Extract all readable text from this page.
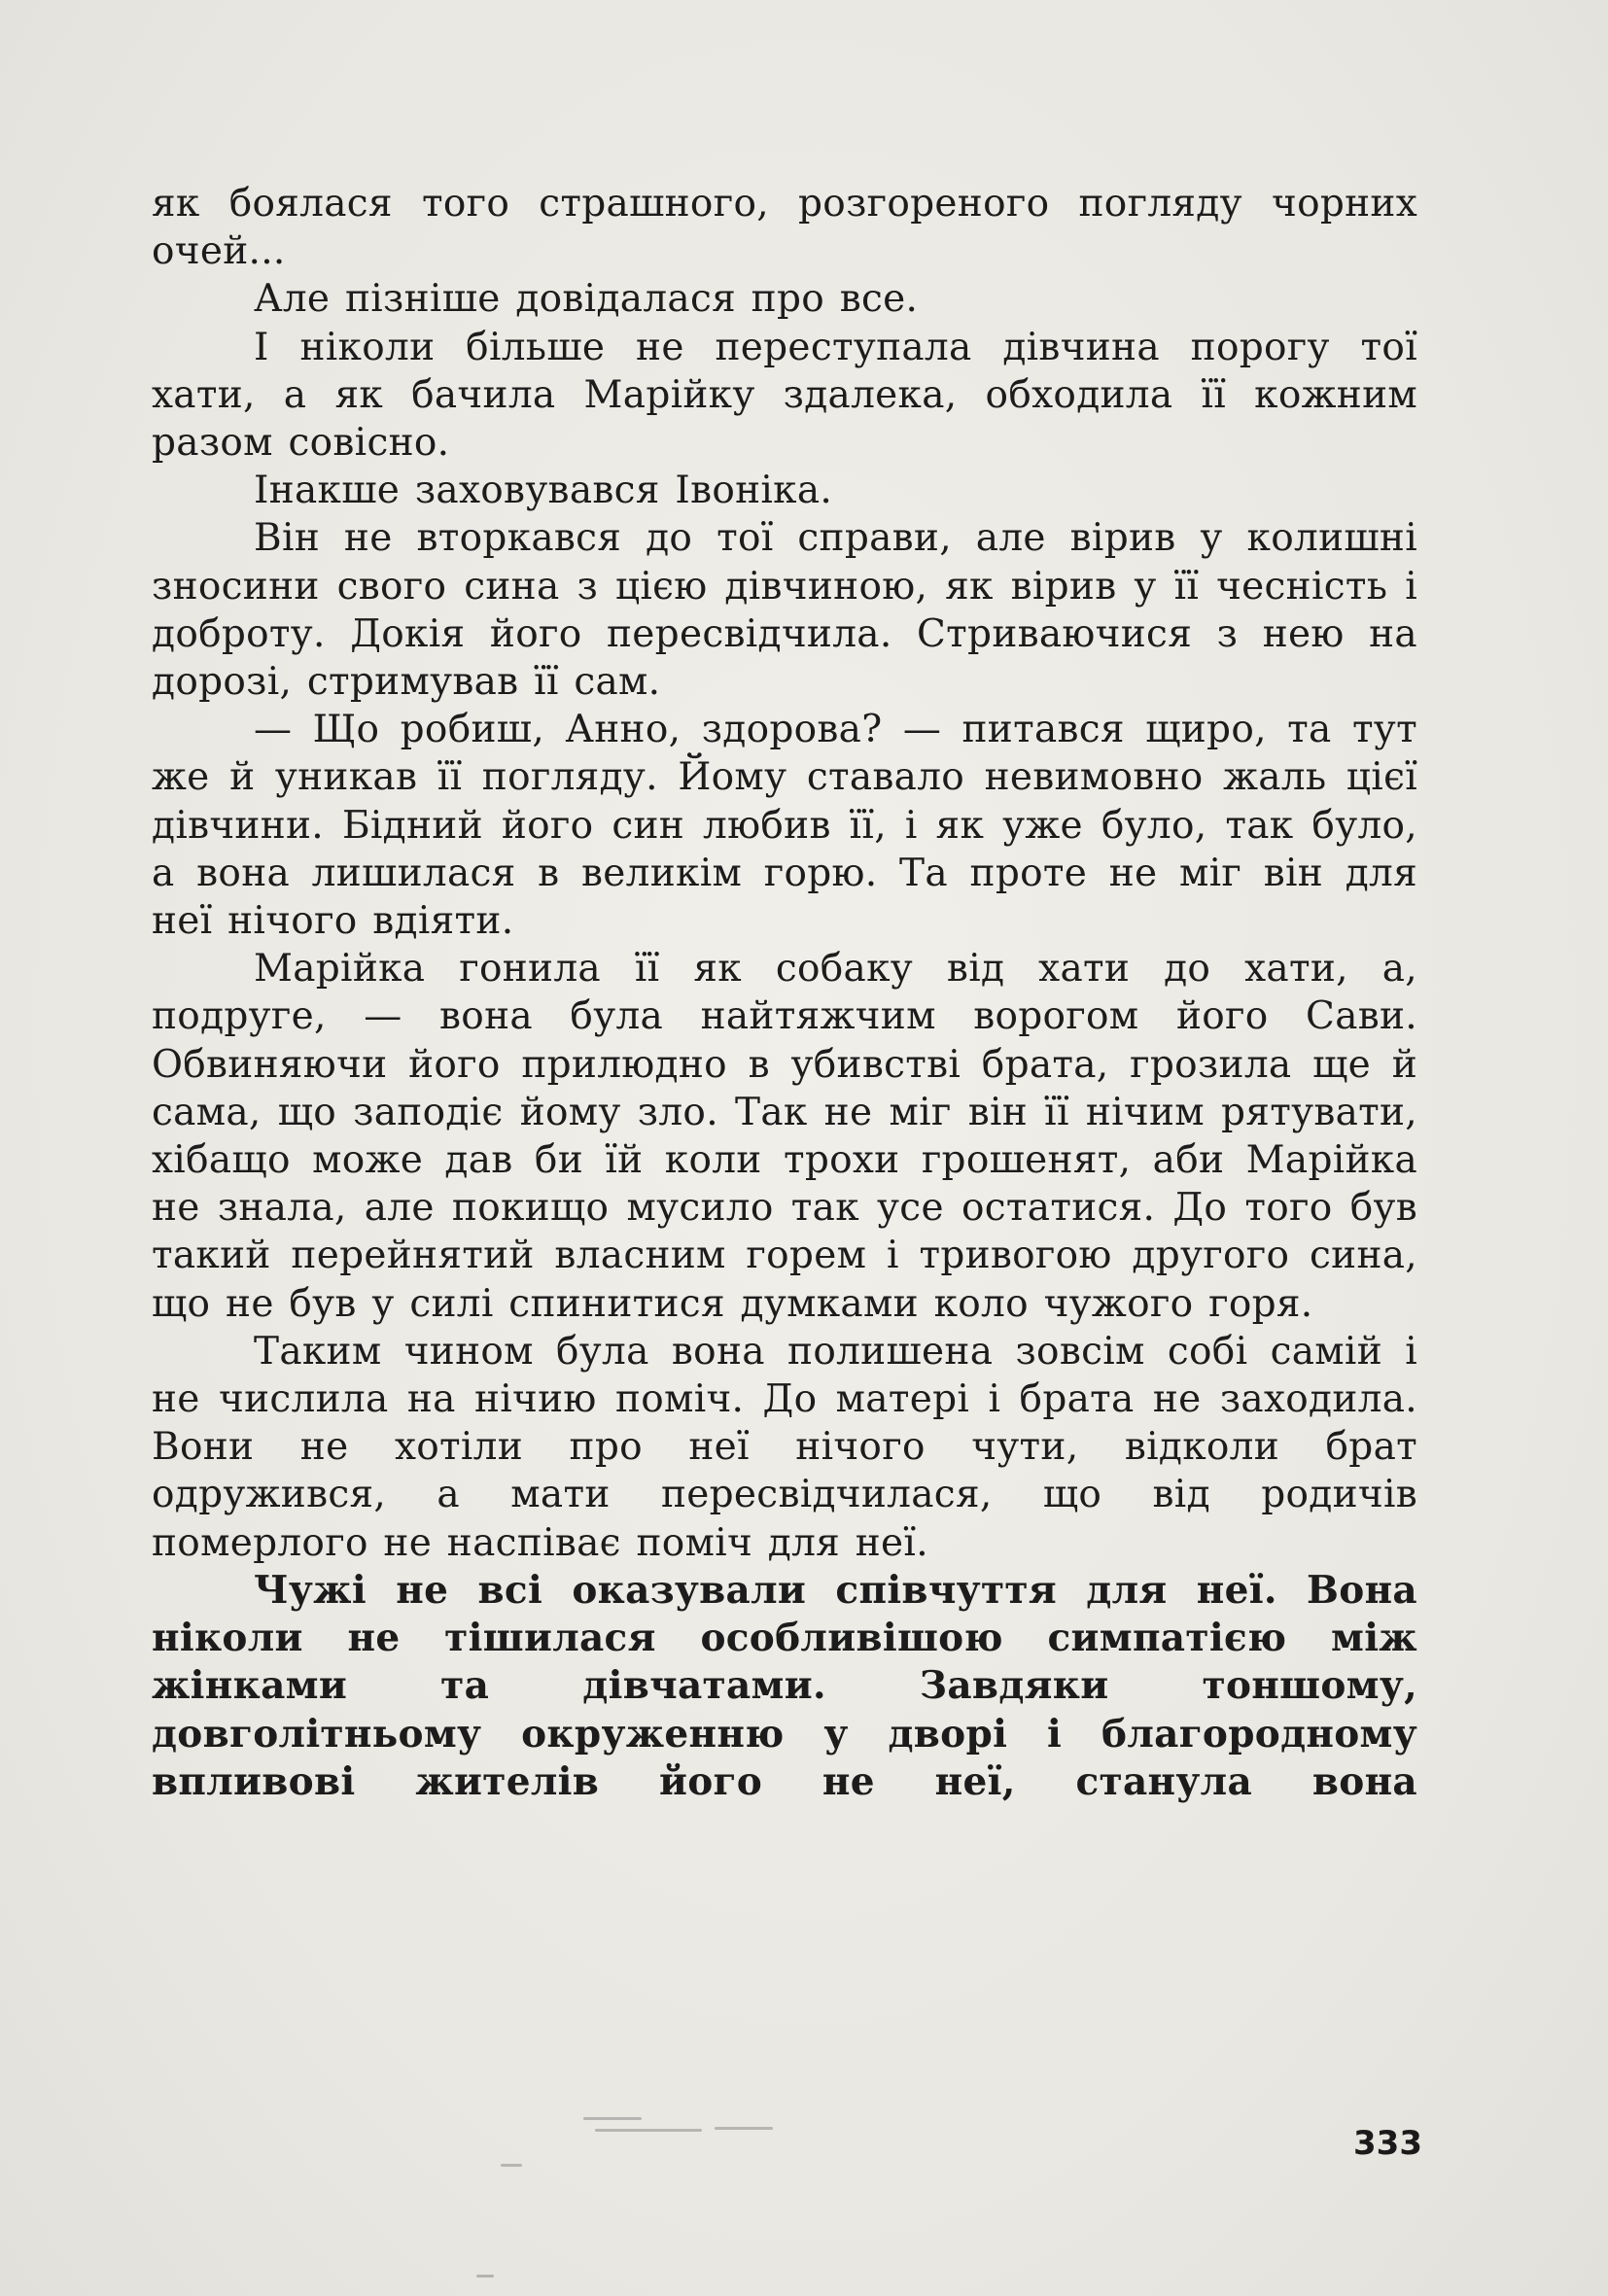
як боялася того страшного, розгореного погляду чорних очей...

Але пізніше довідалася про все.

І ніколи більше не переступала дівчина порогу тої хати, а як бачила Марійку здалека, обходила її кожним разом совісно.

Інакше заховувався Івоніка.

Він не вторкався до тої справи, але вірив у колишні зносини свого сина з цією дівчиною, як вірив у її чесність і доброту. Докія його пересвідчила. Стриваючися з нею на дорозі, стримував її сам.

— Що робиш, Анно, здорова? — питався щиро, та тут же й уникав її погляду. Йому ставало невимовно жаль цієї дівчини. Бідний його син любив її, і як уже було, так було, а вона лишилася в великім горю. Та проте не міг він для неї нічого вдіяти.

Марійка гонила її як собаку від хати до хати, а, подруге, — вона була найтяжчим ворогом його Сави. Обвиняючи його прилюдно в убивстві брата, грозила ще й сама, що заподіє йому зло. Так не міг він її нічим рятувати, хібащо може дав би їй коли трохи грошенят, аби Марійка не знала, але покищо мусило так усе остатися. До того був такий перейнятий власним горем і тривогою другого сина, що не був у силі спинитися думками коло чужого горя.

Таким чином була вона полишена зовсім собі самій і не числила на нічию поміч. До матері і брата не заходила. Вони не хотіли про неї нічого чути, відколи брат одружився, а мати пересвідчилася, що від родичів померлого не наспіває поміч для неї.

Чужі не всі оказували співчуття для неї. Вона ніколи не тішилася особливішою симпатією між жінками та дівчатами. Завдяки тоншому, довголітньому окруженню у дворі і благородному впливові жителів його не неї, станула вона

333
